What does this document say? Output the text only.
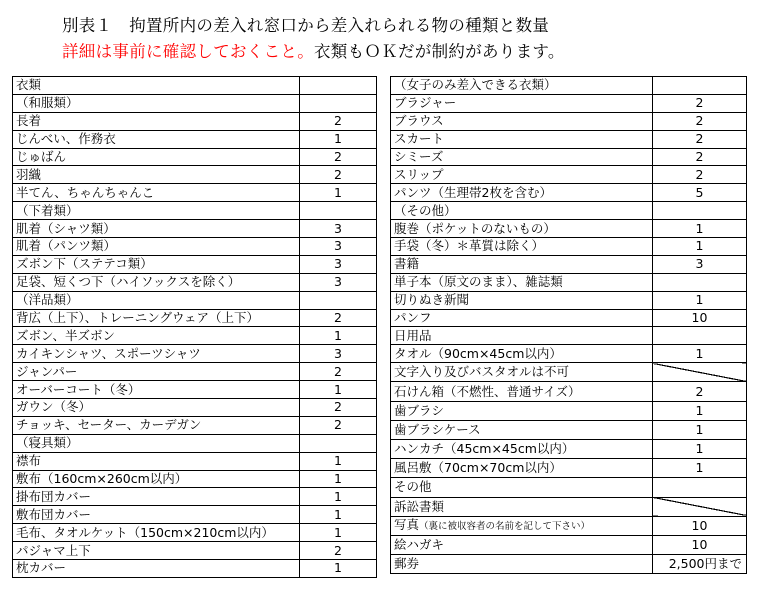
別表１　拘置所内の差入れ窓口から差入れられる物の種類と数量
詳細は事前に確認しておくこと。衣類もＯＫだが制約があります。
衣類	
（和服類）	
長着	2
じんべい、作務衣	1
じゅばん	2
羽織	2
半てん、ちゃんちゃんこ	1
（下着類）	
肌着（シャツ類）	3
肌着（パンツ類）	3
ズボン下（ステテコ類）	3
足袋、短くつ下（ハイソックスを除く）	3
（洋品類）	
背広（上下）、トレーニングウェア（上下）	2
ズボン、半ズボン	1
カイキンシャツ、スポーツシャツ	3
ジャンパー	2
オーバーコート（冬）	1
ガウン（冬）	2
チョッキ、セーター、カーデガン	2
（寝具類）	
襟布	1
敷布（160cm×260cm以内）	1
掛布団カバー	1
敷布団カバー	1
毛布、タオルケット（150cm×210cm以内）	1
パジャマ上下	2
枕カバー	1
（女子のみ差入できる衣類）	
ブラジャー	2
ブラウス	2
スカート	2
シミーズ	2
スリップ	2
パンツ（生理帯2枚を含む）	5
（その他）	
腹巻（ポケットのないもの）	1
手袋（冬）＊革質は除く）	1
書籍	3
単子本（原文のまま）、雑誌類	
切りぬき新聞	1
パンフ	10
日用品	
タオル（90cm×45cm以内）	1
文字入り及びバスタオルは不可	
石けん箱（不燃性、普通サイズ）	2
歯ブラシ	1
歯ブラシケース	1
ハンカチ（45cm×45cm以内）	1
風呂敷（70cm×70cm以内）	1
その他	
訴訟書類	
写真（裏に被収容者の名前を記して下さい）	10
絵ハガキ	10
郵券	2,500円まで
